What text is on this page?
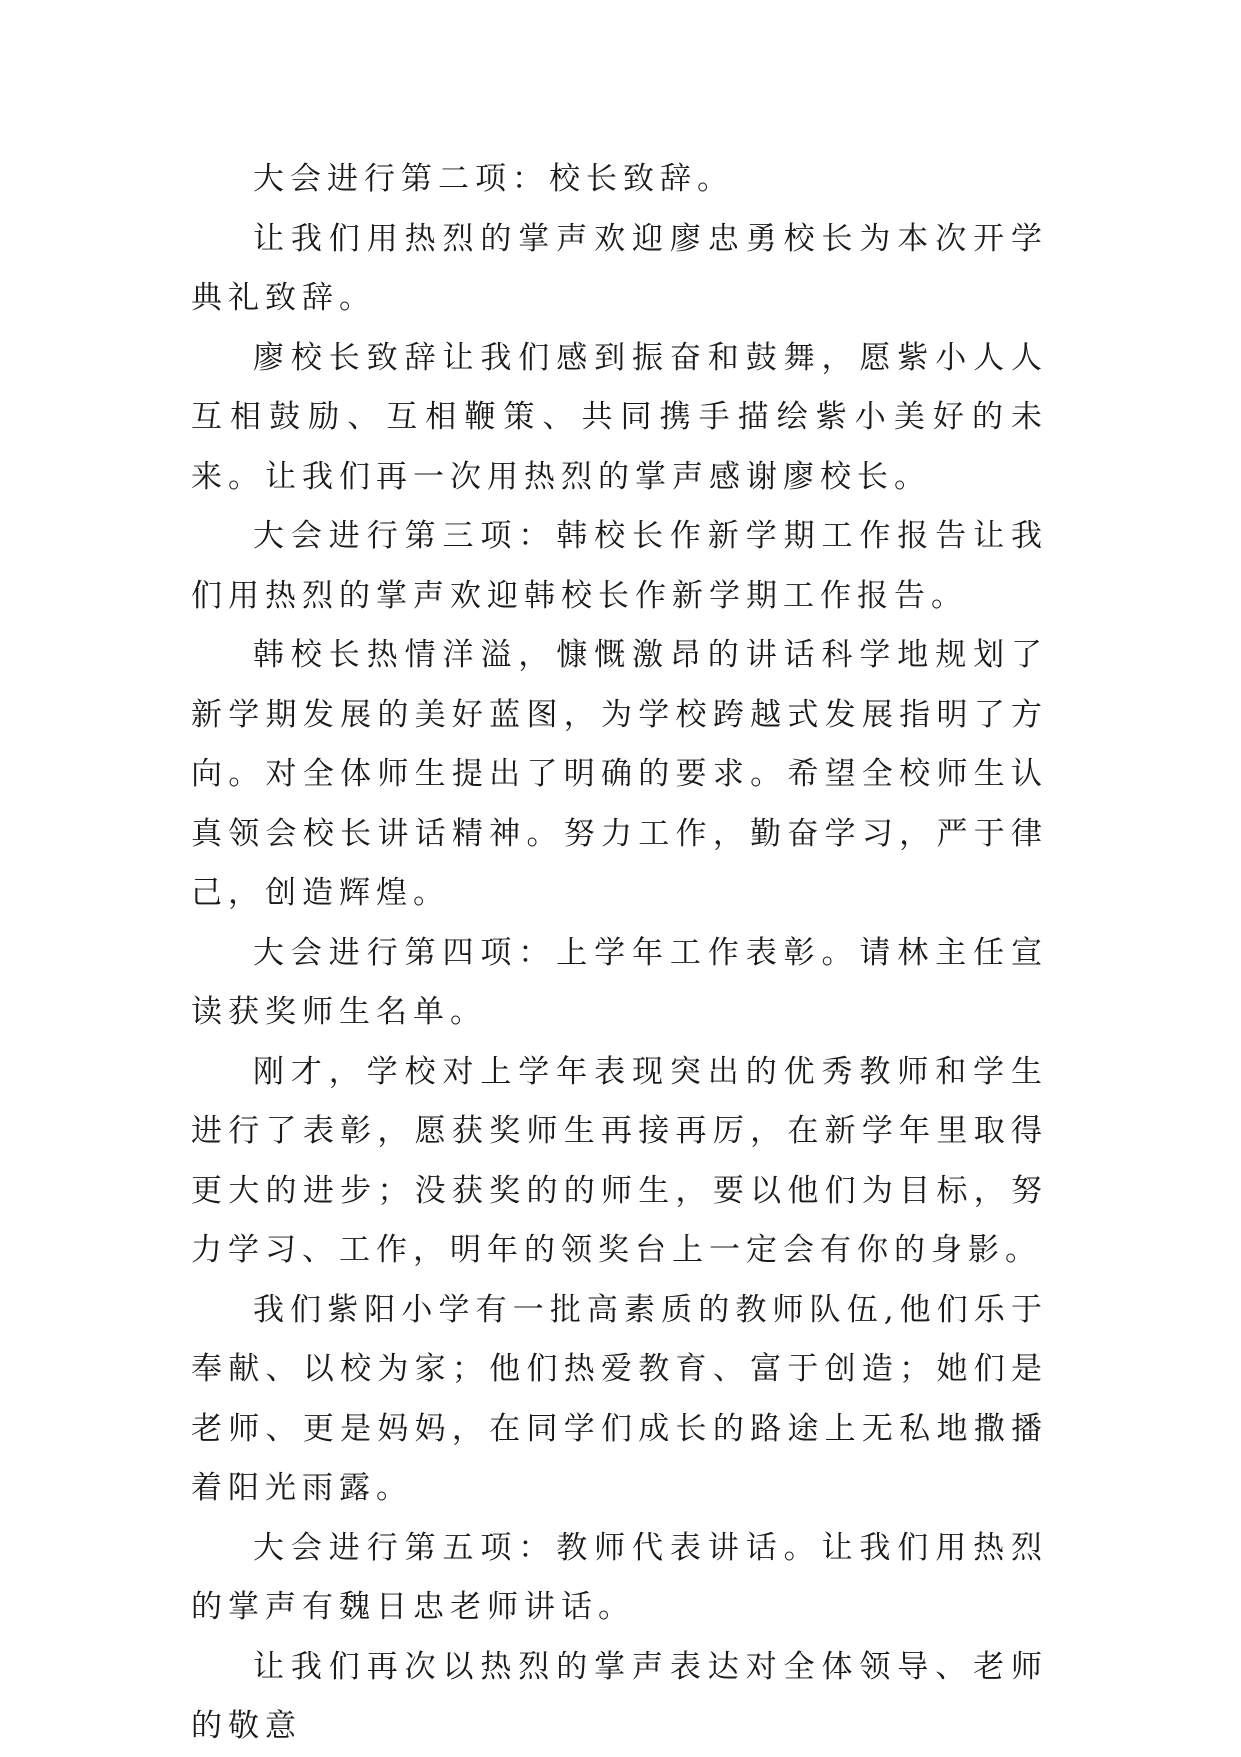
大会进行第二项：校长致辞。

让我们用热烈的掌声欢迎廖忠勇校长为本次开学典礼致辞。

廖校长致辞让我们感到振奋和鼓舞，愿紫小人人互相鼓励、互相鞭策、共同携手描绘紫小美好的未来。让我们再一次用热烈的掌声感谢廖校长。

大会进行第三项：韩校长作新学期工作报告让我们用热烈的掌声欢迎韩校长作新学期工作报告。

韩校长热情洋溢，慷慨激昂的讲话科学地规划了新学期发展的美好蓝图，为学校跨越式发展指明了方向。对全体师生提出了明确的要求。希望全校师生认真领会校长讲话精神。努力工作，勤奋学习，严于律己，创造辉煌。

大会进行第四项：上学年工作表彰。请林主任宣读获奖师生名单。

刚才，学校对上学年表现突出的优秀教师和学生进行了表彰，愿获奖师生再接再厉，在新学年里取得更大的进步；没获奖的的师生，要以他们为目标，努力学习、工作，明年的领奖台上一定会有你的身影。

我们紫阳小学有一批高素质的教师队伍,他们乐于奉献、以校为家；他们热爱教育、富于创造；她们是老师、更是妈妈，在同学们成长的路途上无私地撒播着阳光雨露。

大会进行第五项：教师代表讲话。让我们用热烈的掌声有魏日忠老师讲话。

让我们再次以热烈的掌声表达对全体领导、老师的敬意
